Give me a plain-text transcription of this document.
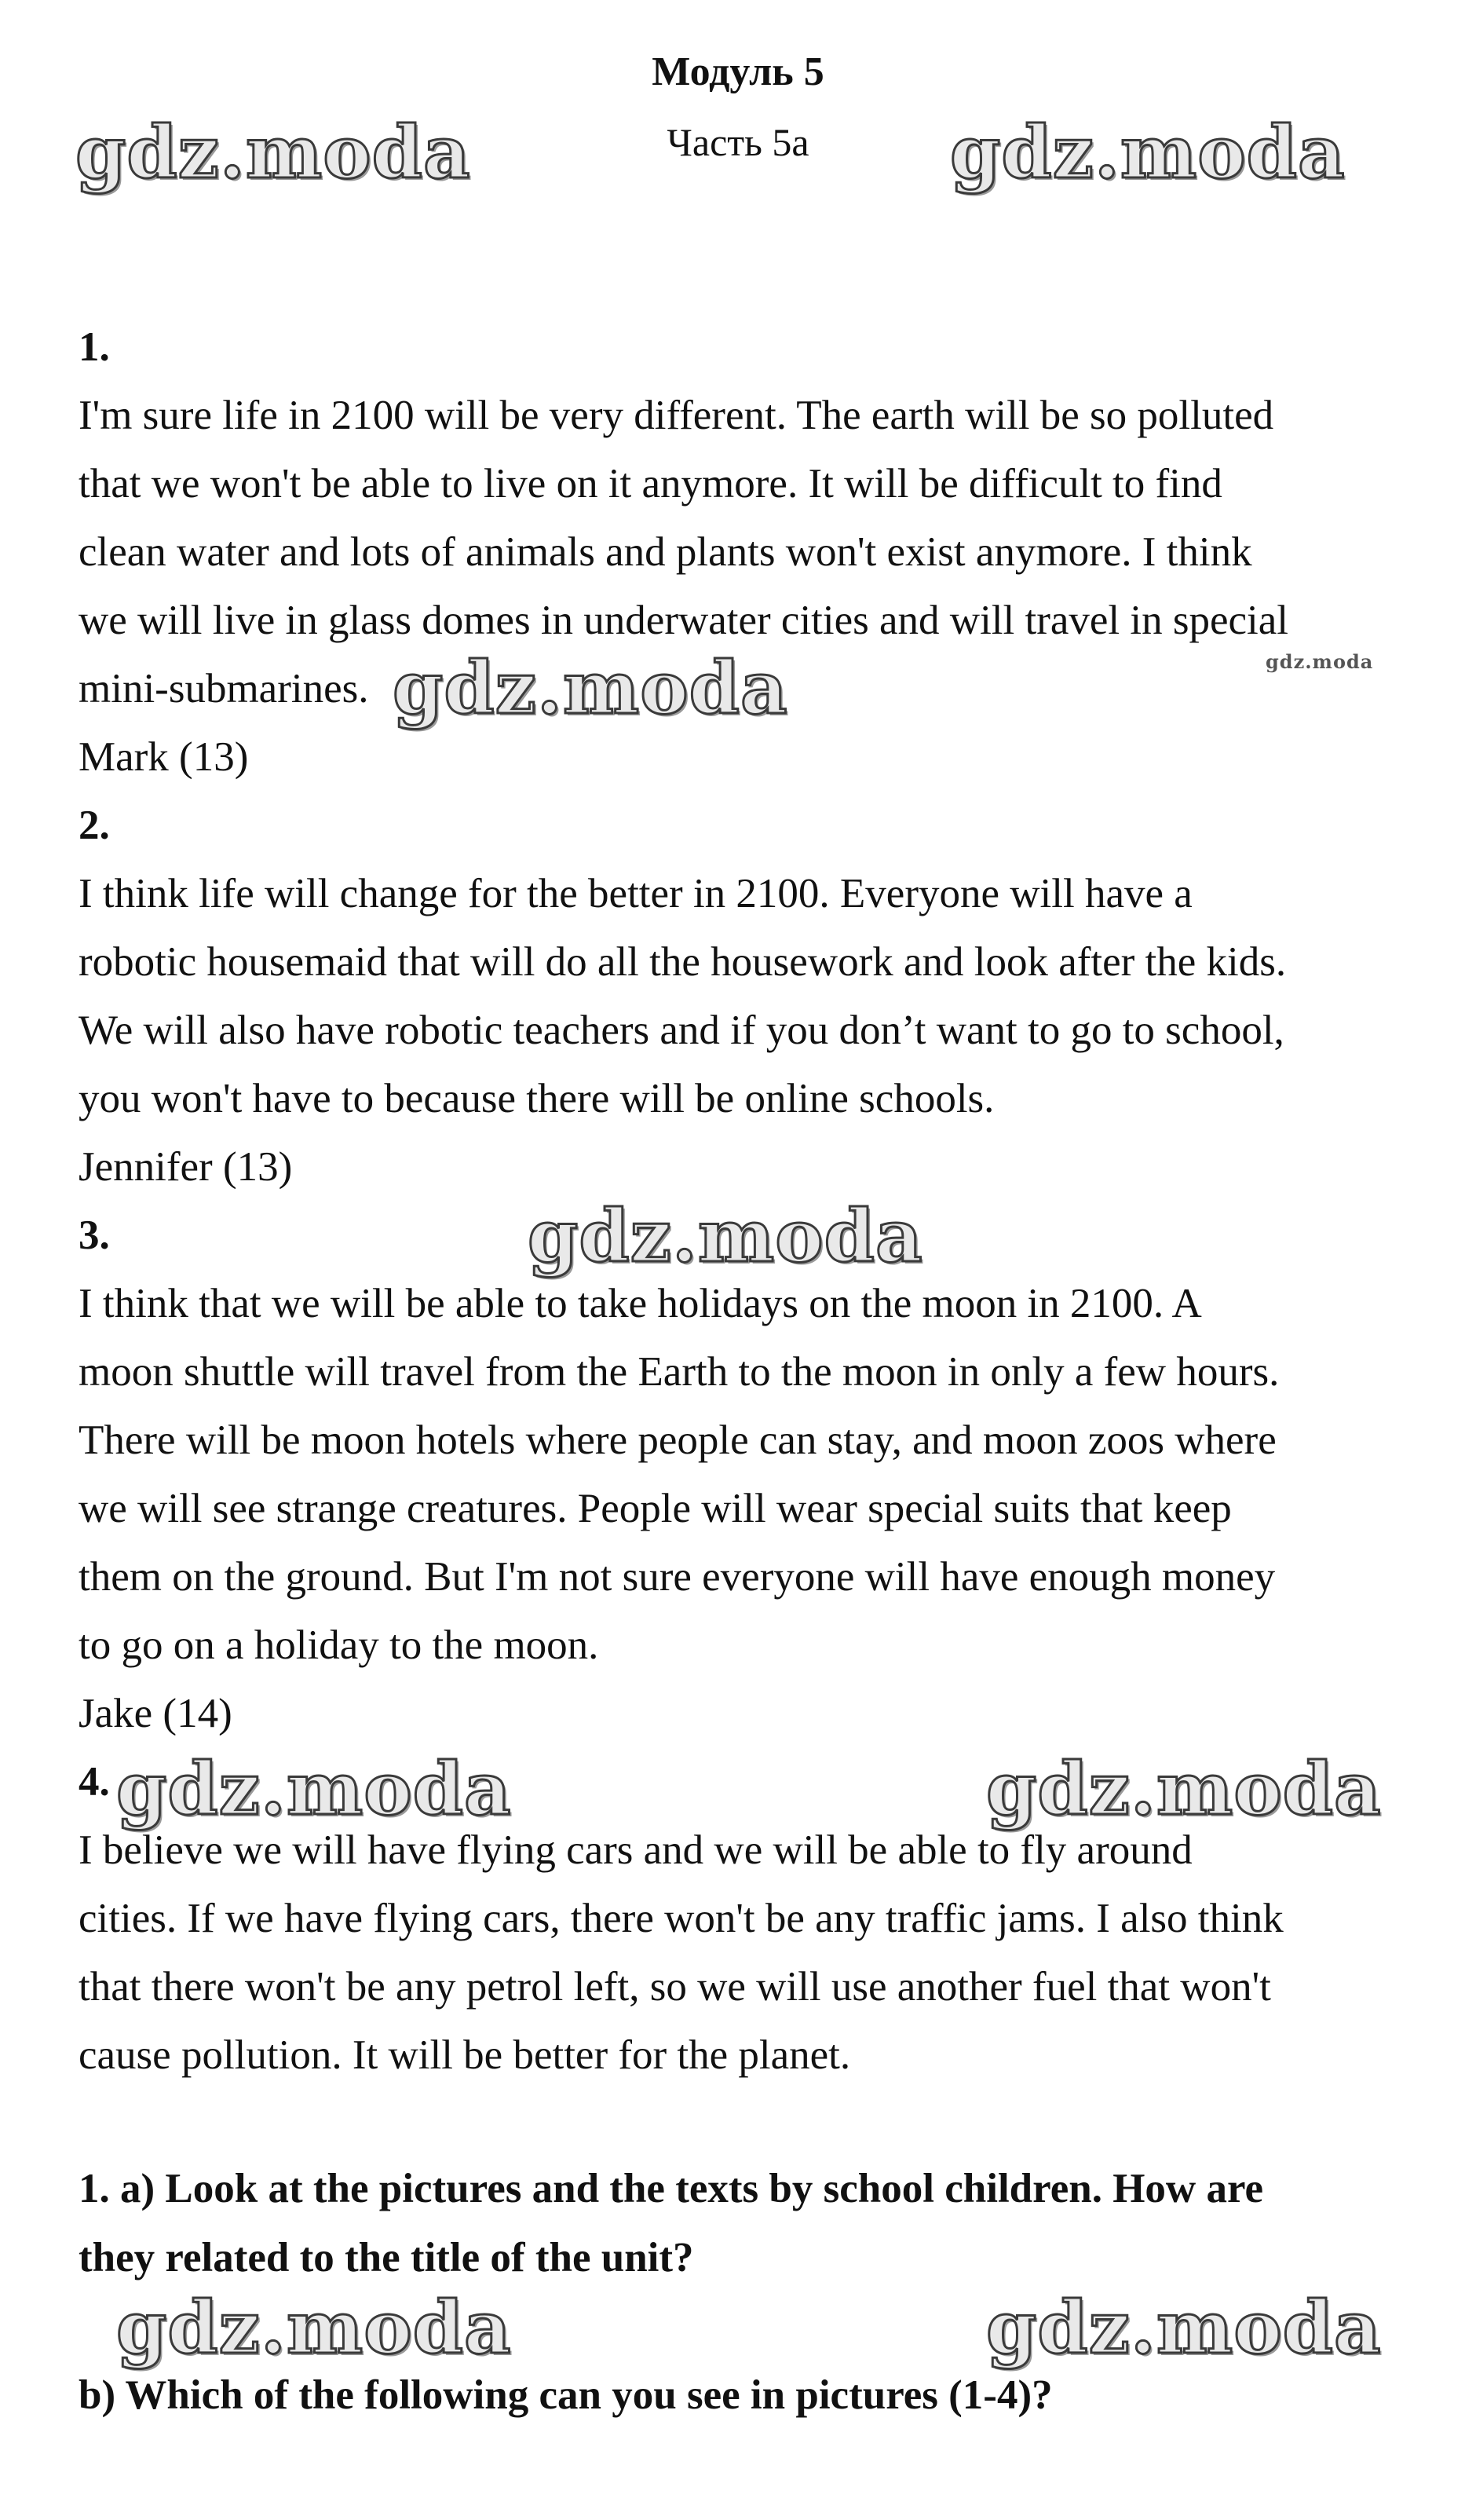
Модуль 5
Часть 5а
gdz.moda	gdz.moda
gdz.moda	gdz.moda
gdz.moda
gdz.moda	gdz.moda
gdz.moda	gdz.moda
1.
I'm sure life in 2100 will be very different. The earth will be so polluted
that we won't be able to live on it anymore. It will be difficult to find
clean water and lots of animals and plants won't exist anymore. I think
we will live in glass domes in underwater cities and will travel in special
mini-submarines.
Mark (13)
2.
I think life will change for the better in 2100. Everyone will have a
robotic housemaid that will do all the housework and look after the kids.
We will also have robotic teachers and if you don’t want to go to school,
you won't have to because there will be online schools.
Jennifer (13)
3.
I think that we will be able to take holidays on the moon in 2100. A
moon shuttle will travel from the Earth to the moon in only a few hours.
There will be moon hotels where people can stay, and moon zoos where
we will see strange creatures. People will wear special suits that keep
them on the ground. But I'm not sure everyone will have enough money
to go on a holiday to the moon.
Jake (14)
4.
I believe we will have flying cars and we will be able to fly around
cities. If we have flying cars, there won't be any traffic jams. I also think
that there won't be any petrol left, so we will use another fuel that won't
cause pollution. It will be better for the planet.
1. a) Look at the pictures and the texts by school children. How are
they related to the title of the unit?
b) Which of the following can you see in pictures (1-4)?
